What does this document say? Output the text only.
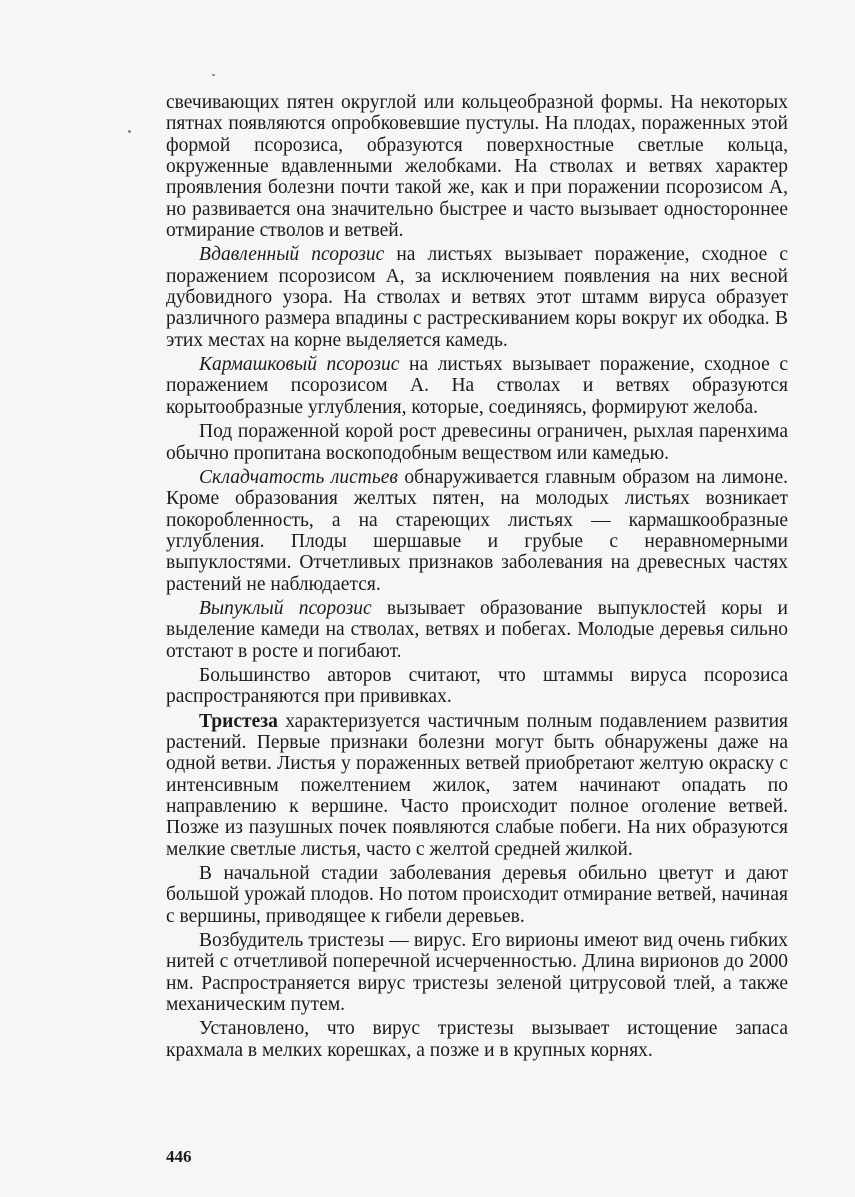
свечивающих пятен округлой или кольцеобразной формы. На некоторых пятнах появляются опробковевшие пустулы. На плодах, пораженных этой формой псорозиса, образуются поверхностные светлые кольца, окруженные вдавленными желобками. На стволах и ветвях характер проявления болезни почти такой же, как и при поражении псорозисом А, но развивается она значительно быстрее и часто вызывает одностороннее отмирание стволов и ветвей.

Вдавленный псорозис на листьях вызывает поражение, сходное с поражением псорозисом А, за исключением появления на них весной дубовидного узора. На стволах и ветвях этот штамм вируса образует различного размера впадины с растрескиванием коры вокруг их ободка. В этих местах на корне выделяется камедь.

Кармашковый псорозис на листьях вызывает поражение, сходное с поражением псорозисом А. На стволах и ветвях образуются корытообразные углубления, которые, соединяясь, формируют желоба.

Под пораженной корой рост древесины ограничен, рыхлая паренхима обычно пропитана воскоподобным веществом или камедью.

Складчатость листьев обнаруживается главным образом на лимоне. Кроме образования желтых пятен, на молодых листьях возникает покоробленность, а на стареющих листьях — кармашкообразные углубления. Плоды шершавые и грубые с неравномерными выпуклостями. Отчетливых признаков заболевания на древесных частях растений не наблюдается.

Выпуклый псорозис вызывает образование выпуклостей коры и выделение камеди на стволах, ветвях и побегах. Молодые деревья сильно отстают в росте и погибают.

Большинство авторов считают, что штаммы вируса псорозиса распространяются при прививках.

Тристеза характеризуется частичным полным подавлением развития растений. Первые признаки болезни могут быть обнаружены даже на одной ветви. Листья у пораженных ветвей приобретают желтую окраску с интенсивным пожелтением жилок, затем начинают опадать по направлению к вершине. Часто происходит полное оголение ветвей. Позже из пазушных почек появляются слабые побеги. На них образуются мелкие светлые листья, часто с желтой средней жилкой.

В начальной стадии заболевания деревья обильно цветут и дают большой урожай плодов. Но потом происходит отмирание ветвей, начиная с вершины, приводящее к гибели деревьев.

Возбудитель тристезы — вирус. Его вирионы имеют вид очень гибких нитей с отчетливой поперечной исчерченностью. Длина вирионов до 2000 нм. Распространяется вирус тристезы зеленой цитрусовой тлей, а также механическим путем.

Установлено, что вирус тристезы вызывает истощение запаса крахмала в мелких корешках, а позже и в крупных корнях.

446
